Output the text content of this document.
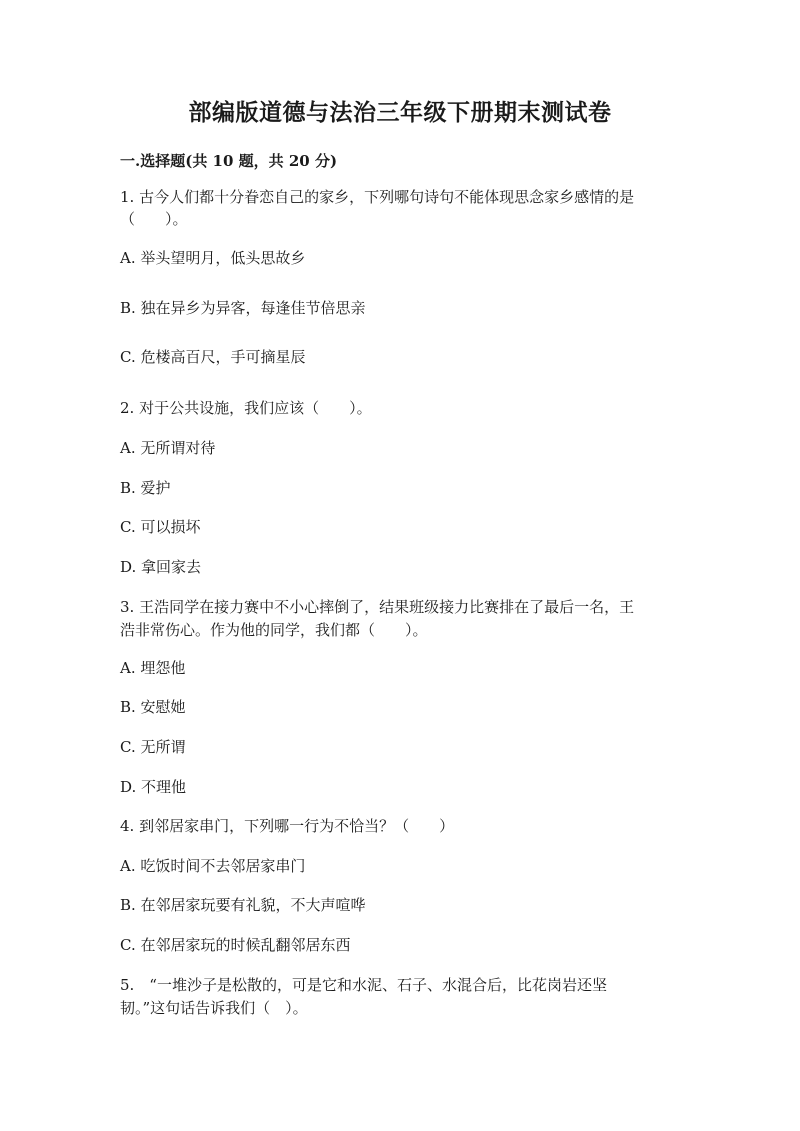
部编版道德与法治三年级下册期末测试卷
一.选择题(共 10 题，共 20 分)
1. 古今人们都十分眷恋自己的家乡，下列哪句诗句不能体现思念家乡感情的是
（　　）。
A. 举头望明月，低头思故乡
B. 独在异乡为异客，每逢佳节倍思亲
C. 危楼高百尺，手可摘星辰
2. 对于公共设施，我们应该（　　）。
A. 无所谓对待
B. 爱护
C. 可以损坏
D. 拿回家去
3. 王浩同学在接力赛中不小心摔倒了，结果班级接力比赛排在了最后一名，王
浩非常伤心。作为他的同学，我们都（　　）。
A. 埋怨他
B. 安慰她
C. 无所谓
D. 不理他
4. 到邻居家串门，下列哪一行为不恰当？（　　）
A. 吃饭时间不去邻居家串门
B. 在邻居家玩要有礼貌，不大声喧哗
C. 在邻居家玩的时候乱翻邻居东西
5.　“一堆沙子是松散的，可是它和水泥、石子、水混合后，比花岗岩还坚
韧。”这句话告诉我们（　）。
